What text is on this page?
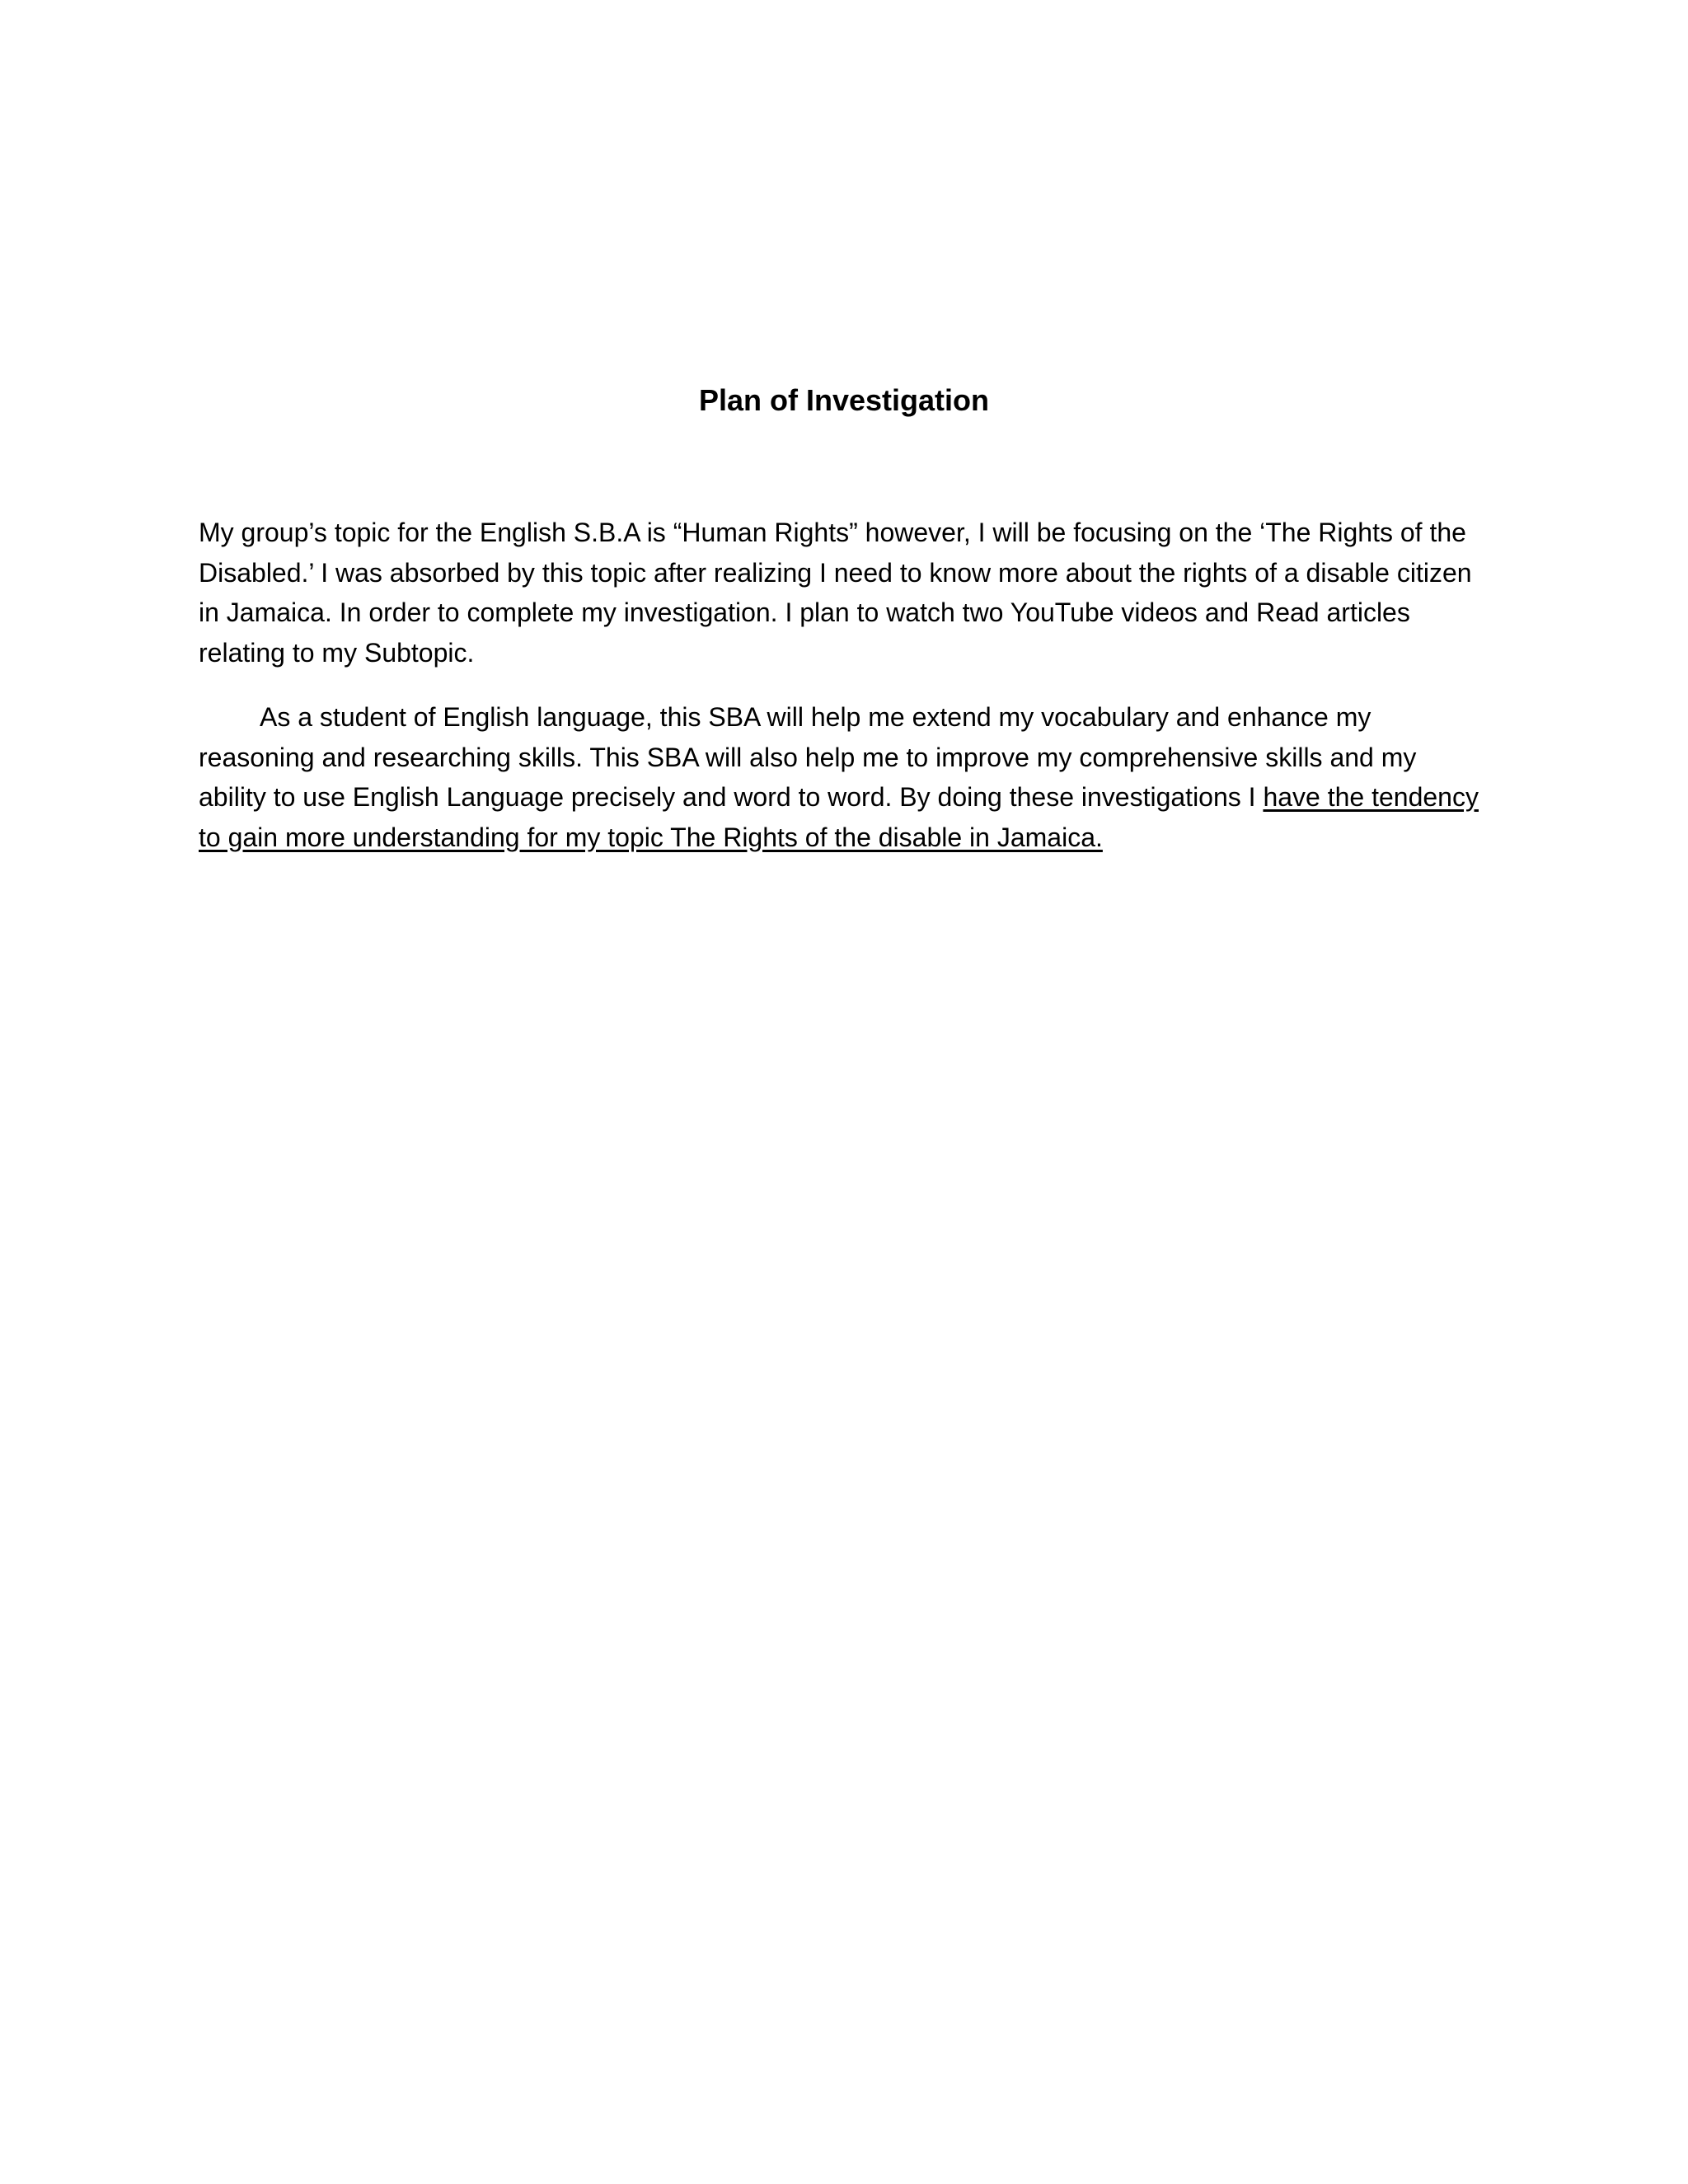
Plan of Investigation

My group’s topic for the English S.B.A is “Human Rights” however, I will be focusing on the ‘The Rights of the Disabled.’ I was absorbed by this topic after realizing I need to know more about the rights of a disable citizen in Jamaica. In order to complete my investigation. I plan to watch two YouTube videos and Read articles relating to my Subtopic.

As a student of English language, this SBA will help me extend my vocabulary and enhance my reasoning and researching skills. This SBA will also help me to improve my comprehensive skills and my ability to use English Language precisely and word to word. By doing these investigations I have the tendency to gain more understanding for my topic The Rights of the disable in Jamaica.
